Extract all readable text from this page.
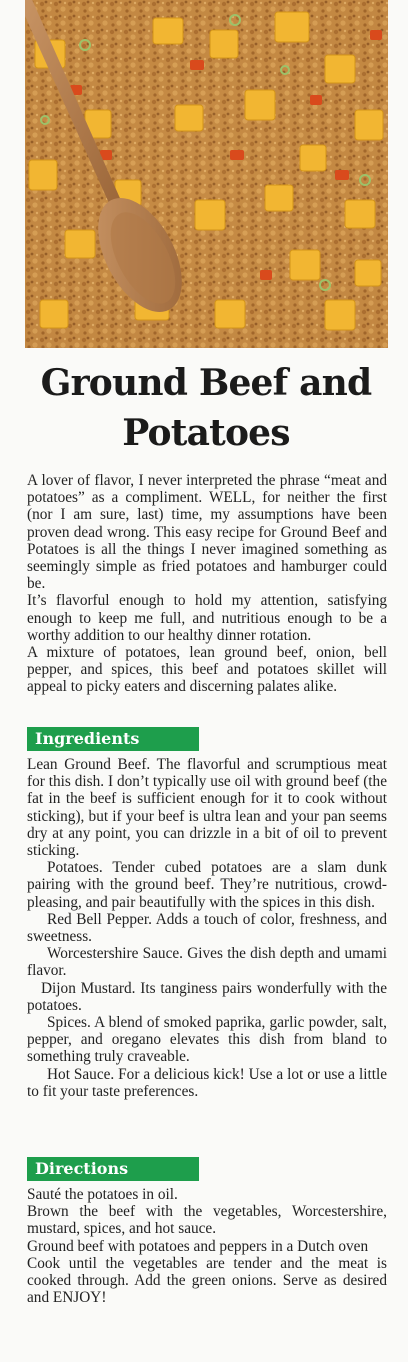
Ground Beef and Potatoes

A lover of flavor, I never interpreted the phrase “meat and potatoes” as a compliment. WELL, for neither the first (nor I am sure, last) time, my assumptions have been proven dead wrong. This easy recipe for Ground Beef and Potatoes is all the things I never imagined something as seemingly simple as fried potatoes and hamburger could be.

It’s flavorful enough to hold my attention, satisfying enough to keep me full, and nutritious enough to be a worthy addition to our healthy dinner rotation.

A mixture of potatoes, lean ground beef, onion, bell pepper, and spices, this beef and potatoes skillet will appeal to picky eaters and discerning palates alike.

Ingredients

Lean Ground Beef. The flavorful and scrumptious meat for this dish. I don’t typically use oil with ground beef (the fat in the beef is sufficient enough for it to cook without sticking), but if your beef is ultra lean and your pan seems dry at any point, you can drizzle in a bit of oil to prevent sticking.

Potatoes. Tender cubed potatoes are a slam dunk pairing with the ground beef. They’re nutritious, crowd-pleasing, and pair beautifully with the spices in this dish.

Red Bell Pepper. Adds a touch of color, freshness, and sweetness.

Worcestershire Sauce. Gives the dish depth and umami flavor.

Dijon Mustard. Its tanginess pairs wonderfully with the potatoes.

Spices. A blend of smoked paprika, garlic powder, salt, pepper, and oregano elevates this dish from bland to something truly craveable.

Hot Sauce. For a delicious kick! Use a lot or use a little to fit your taste preferences.

Directions

Sauté the potatoes in oil.

Brown the beef with the vegetables, Worcestershire, mustard, spices, and hot sauce.

Ground beef with potatoes and peppers in a Dutch oven

Cook until the vegetables are tender and the meat is cooked through. Add the green onions. Serve as desired and ENJOY!
